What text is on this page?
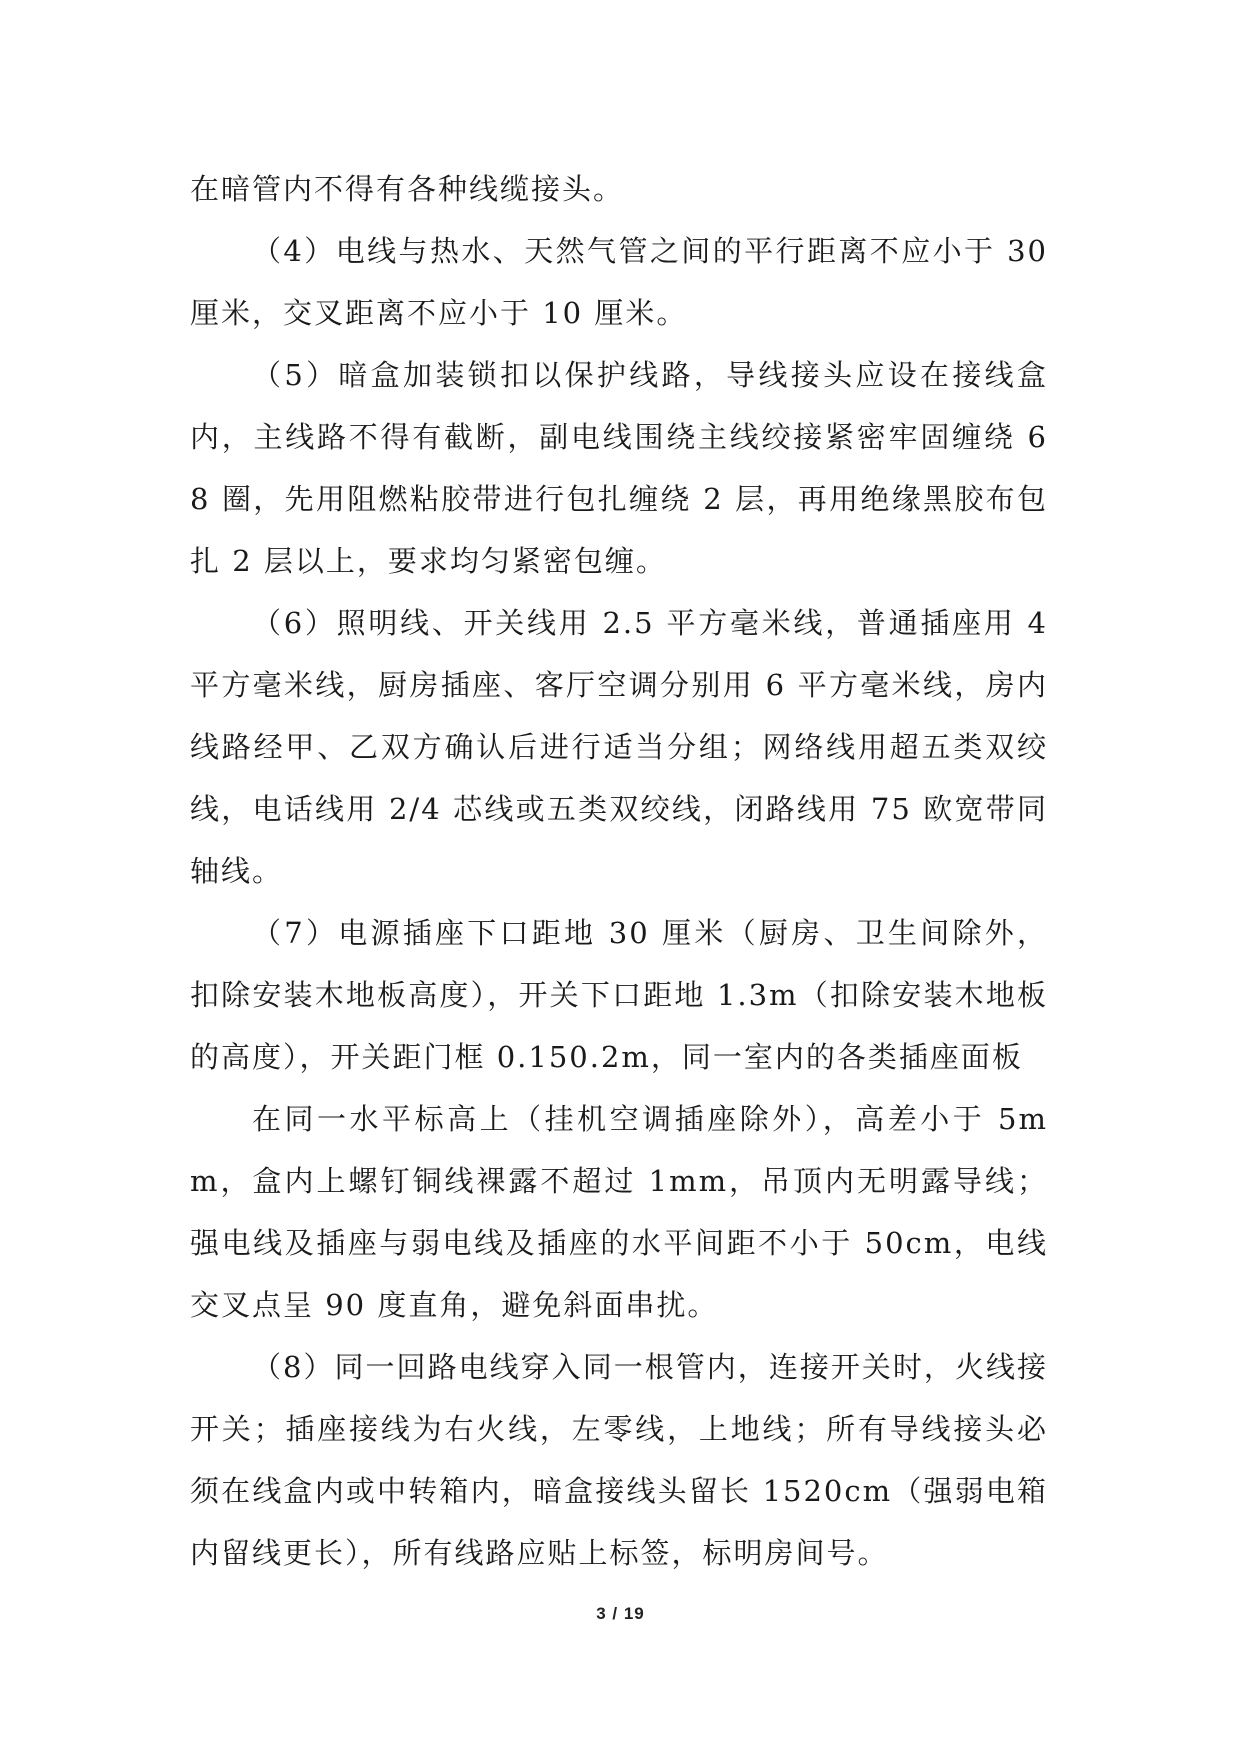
在暗管内不得有各种线缆接头。

（4）电线与热水、天然气管之间的平行距离不应小于 30 厘米，交叉距离不应小于 10 厘米。

（5）暗盒加装锁扣以保护线路，导线接头应设在接线盒内，主线路不得有截断，副电线围绕主线绞接紧密牢固缠绕 68 圈，先用阻燃粘胶带进行包扎缠绕 2 层，再用绝缘黑胶布包扎 2 层以上，要求均匀紧密包缠。

（6）照明线、开关线用 2.5 平方毫米线，普通插座用 4 平方毫米线，厨房插座、客厅空调分别用 6 平方毫米线，房内线路经甲、乙双方确认后进行适当分组；网络线用超五类双绞线，电话线用 2/4 芯线或五类双绞线，闭路线用 75 欧宽带同轴线。

（7）电源插座下口距地 30 厘米（厨房、卫生间除外，扣除安装木地板高度），开关下口距地 1.3m（扣除安装木地板的高度），开关距门框 0.150.2m，同一室内的各类插座面板

在同一水平标高上（挂机空调插座除外），高差小于 5mm，盒内上螺钉铜线裸露不超过 1mm，吊顶内无明露导线；强电线及插座与弱电线及插座的水平间距不小于 50cm，电线交叉点呈 90 度直角，避免斜面串扰。

（8）同一回路电线穿入同一根管内，连接开关时，火线接开关；插座接线为右火线，左零线，上地线；所有导线接头必须在线盒内或中转箱内，暗盒接线头留长 1520cm（强弱电箱内留线更长），所有线路应贴上标签，标明房间号。

3 / 19
